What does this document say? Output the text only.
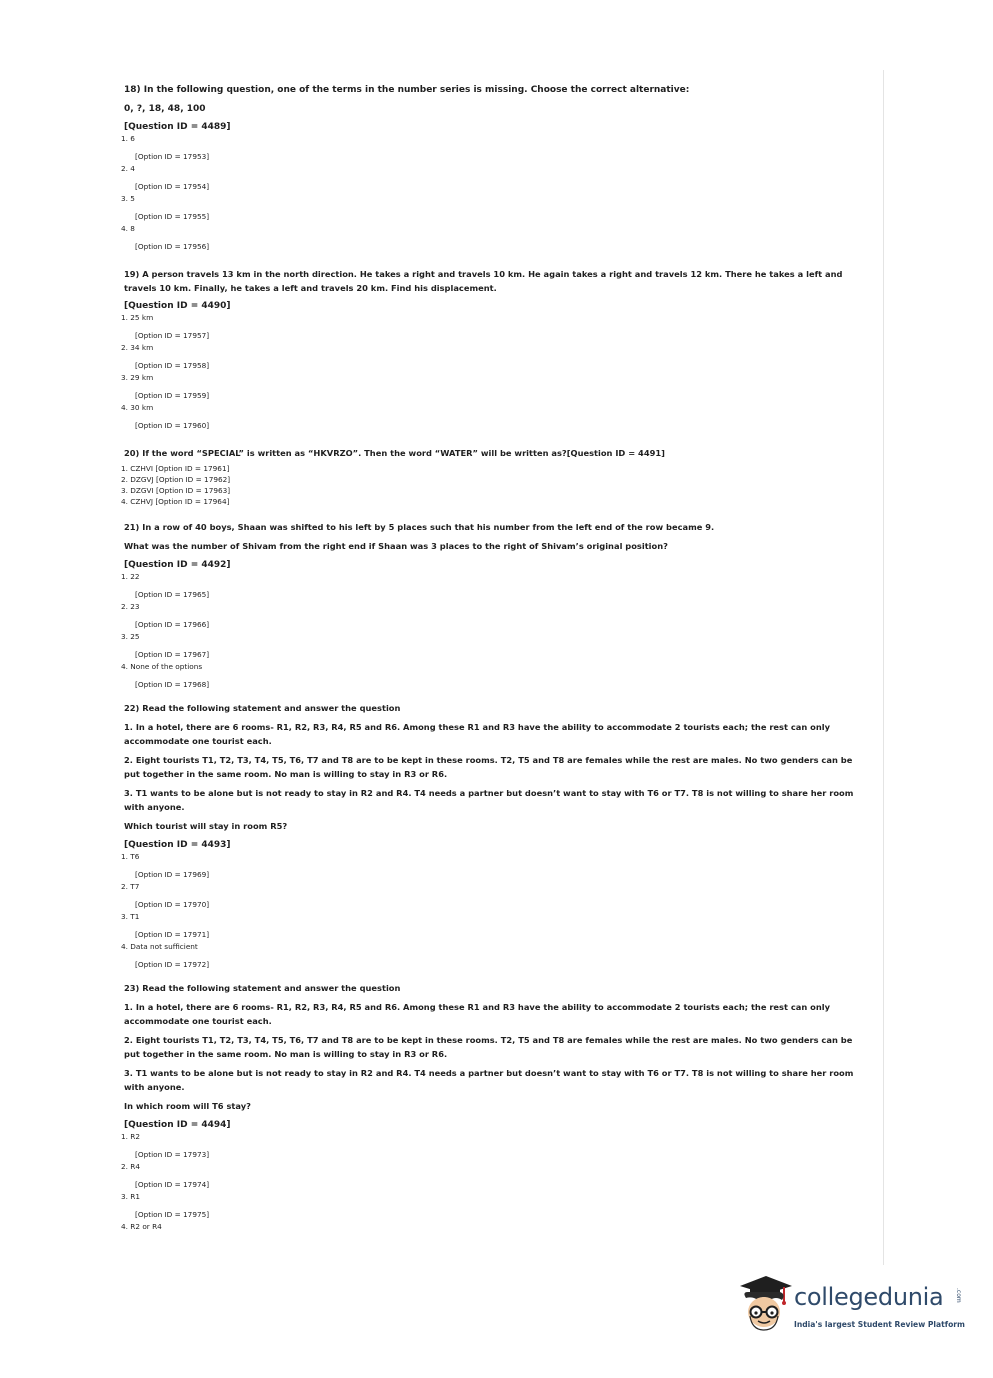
18) In the following question, one of the terms in the number series is missing. Choose the correct alternative:
0, ?, 18, 48, 100
[Question ID = 4489]
1. 6
[Option ID = 17953]
2. 4
[Option ID = 17954]
3. 5
[Option ID = 17955]
4. 8
[Option ID = 17956]
19) A person travels 13 km in the north direction. He takes a right and travels 10 km. He again takes a right and travels 12 km. There he takes a left and travels 10 km. Finally, he takes a left and travels 20 km. Find his displacement.
[Question ID = 4490]
1. 25 km
[Option ID = 17957]
2. 34 km
[Option ID = 17958]
3. 29 km
[Option ID = 17959]
4. 30 km
[Option ID = 17960]
20) If the word “SPECIAL” is written as “HKVRZO”. Then the word “WATER” will be written as?[Question ID = 4491]
1. CZHVI [Option ID = 17961]
2. DZGVJ [Option ID = 17962]
3. DZGVI [Option ID = 17963]
4. CZHVJ [Option ID = 17964]
21) In a row of 40 boys, Shaan was shifted to his left by 5 places such that his number from the left end of the row became 9.
What was the number of Shivam from the right end if Shaan was 3 places to the right of Shivam’s original position?
[Question ID = 4492]
1. 22
[Option ID = 17965]
2. 23
[Option ID = 17966]
3. 25
[Option ID = 17967]
4. None of the options
[Option ID = 17968]
22) Read the following statement and answer the question
1. In a hotel, there are 6 rooms- R1, R2, R3, R4, R5 and R6. Among these R1 and R3 have the ability to accommodate 2 tourists each; the rest can only accommodate one tourist each.
2. Eight tourists T1, T2, T3, T4, T5, T6, T7 and T8 are to be kept in these rooms. T2, T5 and T8 are females while the rest are males. No two genders can be put together in the same room. No man is willing to stay in R3 or R6.
3. T1 wants to be alone but is not ready to stay in R2 and R4. T4 needs a partner but doesn’t want to stay with T6 or T7. T8 is not willing to share her room with anyone.
Which tourist will stay in room R5?
[Question ID = 4493]
1. T6
[Option ID = 17969]
2. T7
[Option ID = 17970]
3. T1
[Option ID = 17971]
4. Data not sufficient
[Option ID = 17972]
23) Read the following statement and answer the question
1. In a hotel, there are 6 rooms- R1, R2, R3, R4, R5 and R6. Among these R1 and R3 have the ability to accommodate 2 tourists each; the rest can only accommodate one tourist each.
2. Eight tourists T1, T2, T3, T4, T5, T6, T7 and T8 are to be kept in these rooms. T2, T5 and T8 are females while the rest are males. No two genders can be put together in the same room. No man is willing to stay in R3 or R6.
3. T1 wants to be alone but is not ready to stay in R2 and R4. T4 needs a partner but doesn’t want to stay with T6 or T7. T8 is not willing to share her room with anyone.
In which room will T6 stay?
[Question ID = 4494]
1. R2
[Option ID = 17973]
2. R4
[Option ID = 17974]
3. R1
[Option ID = 17975]
4. R2 or R4
collegedunia .com
India's largest Student Review Platform
